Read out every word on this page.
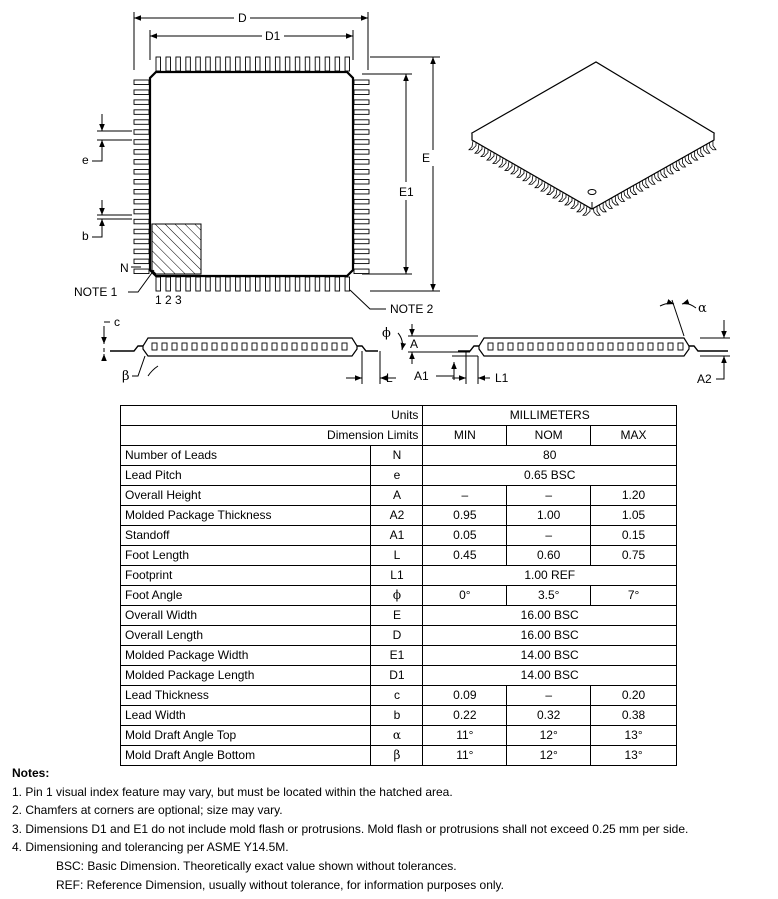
D
D1
E
E1
e
b
N
1 2 3
NOTE 1
NOTE 2
c
β
ϕ
L
A
A1	L1
α
A2
Units		MILLIMETERS		
Dimension Limits		MIN	NOM	MAX
Number of Leads	N	80		
Lead Pitch	e	0.65 BSC		
Overall Height	A	–	–	1.20
Molded Package Thickness	A2	0.95	1.00	1.05
Standoff	A1	0.05	–	0.15
Foot Length	L	0.45	0.60	0.75
Footprint	L1	1.00 REF		
Foot Angle	ϕ	0°	3.5°	7°
Overall Width	E	16.00 BSC		
Overall Length	D	16.00 BSC		
Molded Package Width	E1	14.00 BSC		
Molded Package Length	D1	14.00 BSC		
Lead Thickness	c	0.09	–	0.20
Lead Width	b	0.22	0.32	0.38
Mold Draft Angle Top	α	11°	12°	13°
Mold Draft Angle Bottom	β	11°	12°	13°
Notes:
1. Pin 1 visual index feature may vary, but must be located within the hatched area.
2. Chamfers at corners are optional; size may vary.
3. Dimensions D1 and E1 do not include mold flash or protrusions. Mold flash or protrusions shall not exceed 0.25 mm per side.
4. Dimensioning and tolerancing per ASME Y14.5M.
BSC: Basic Dimension. Theoretically exact value shown without tolerances.
REF: Reference Dimension, usually without tolerance, for information purposes only.
